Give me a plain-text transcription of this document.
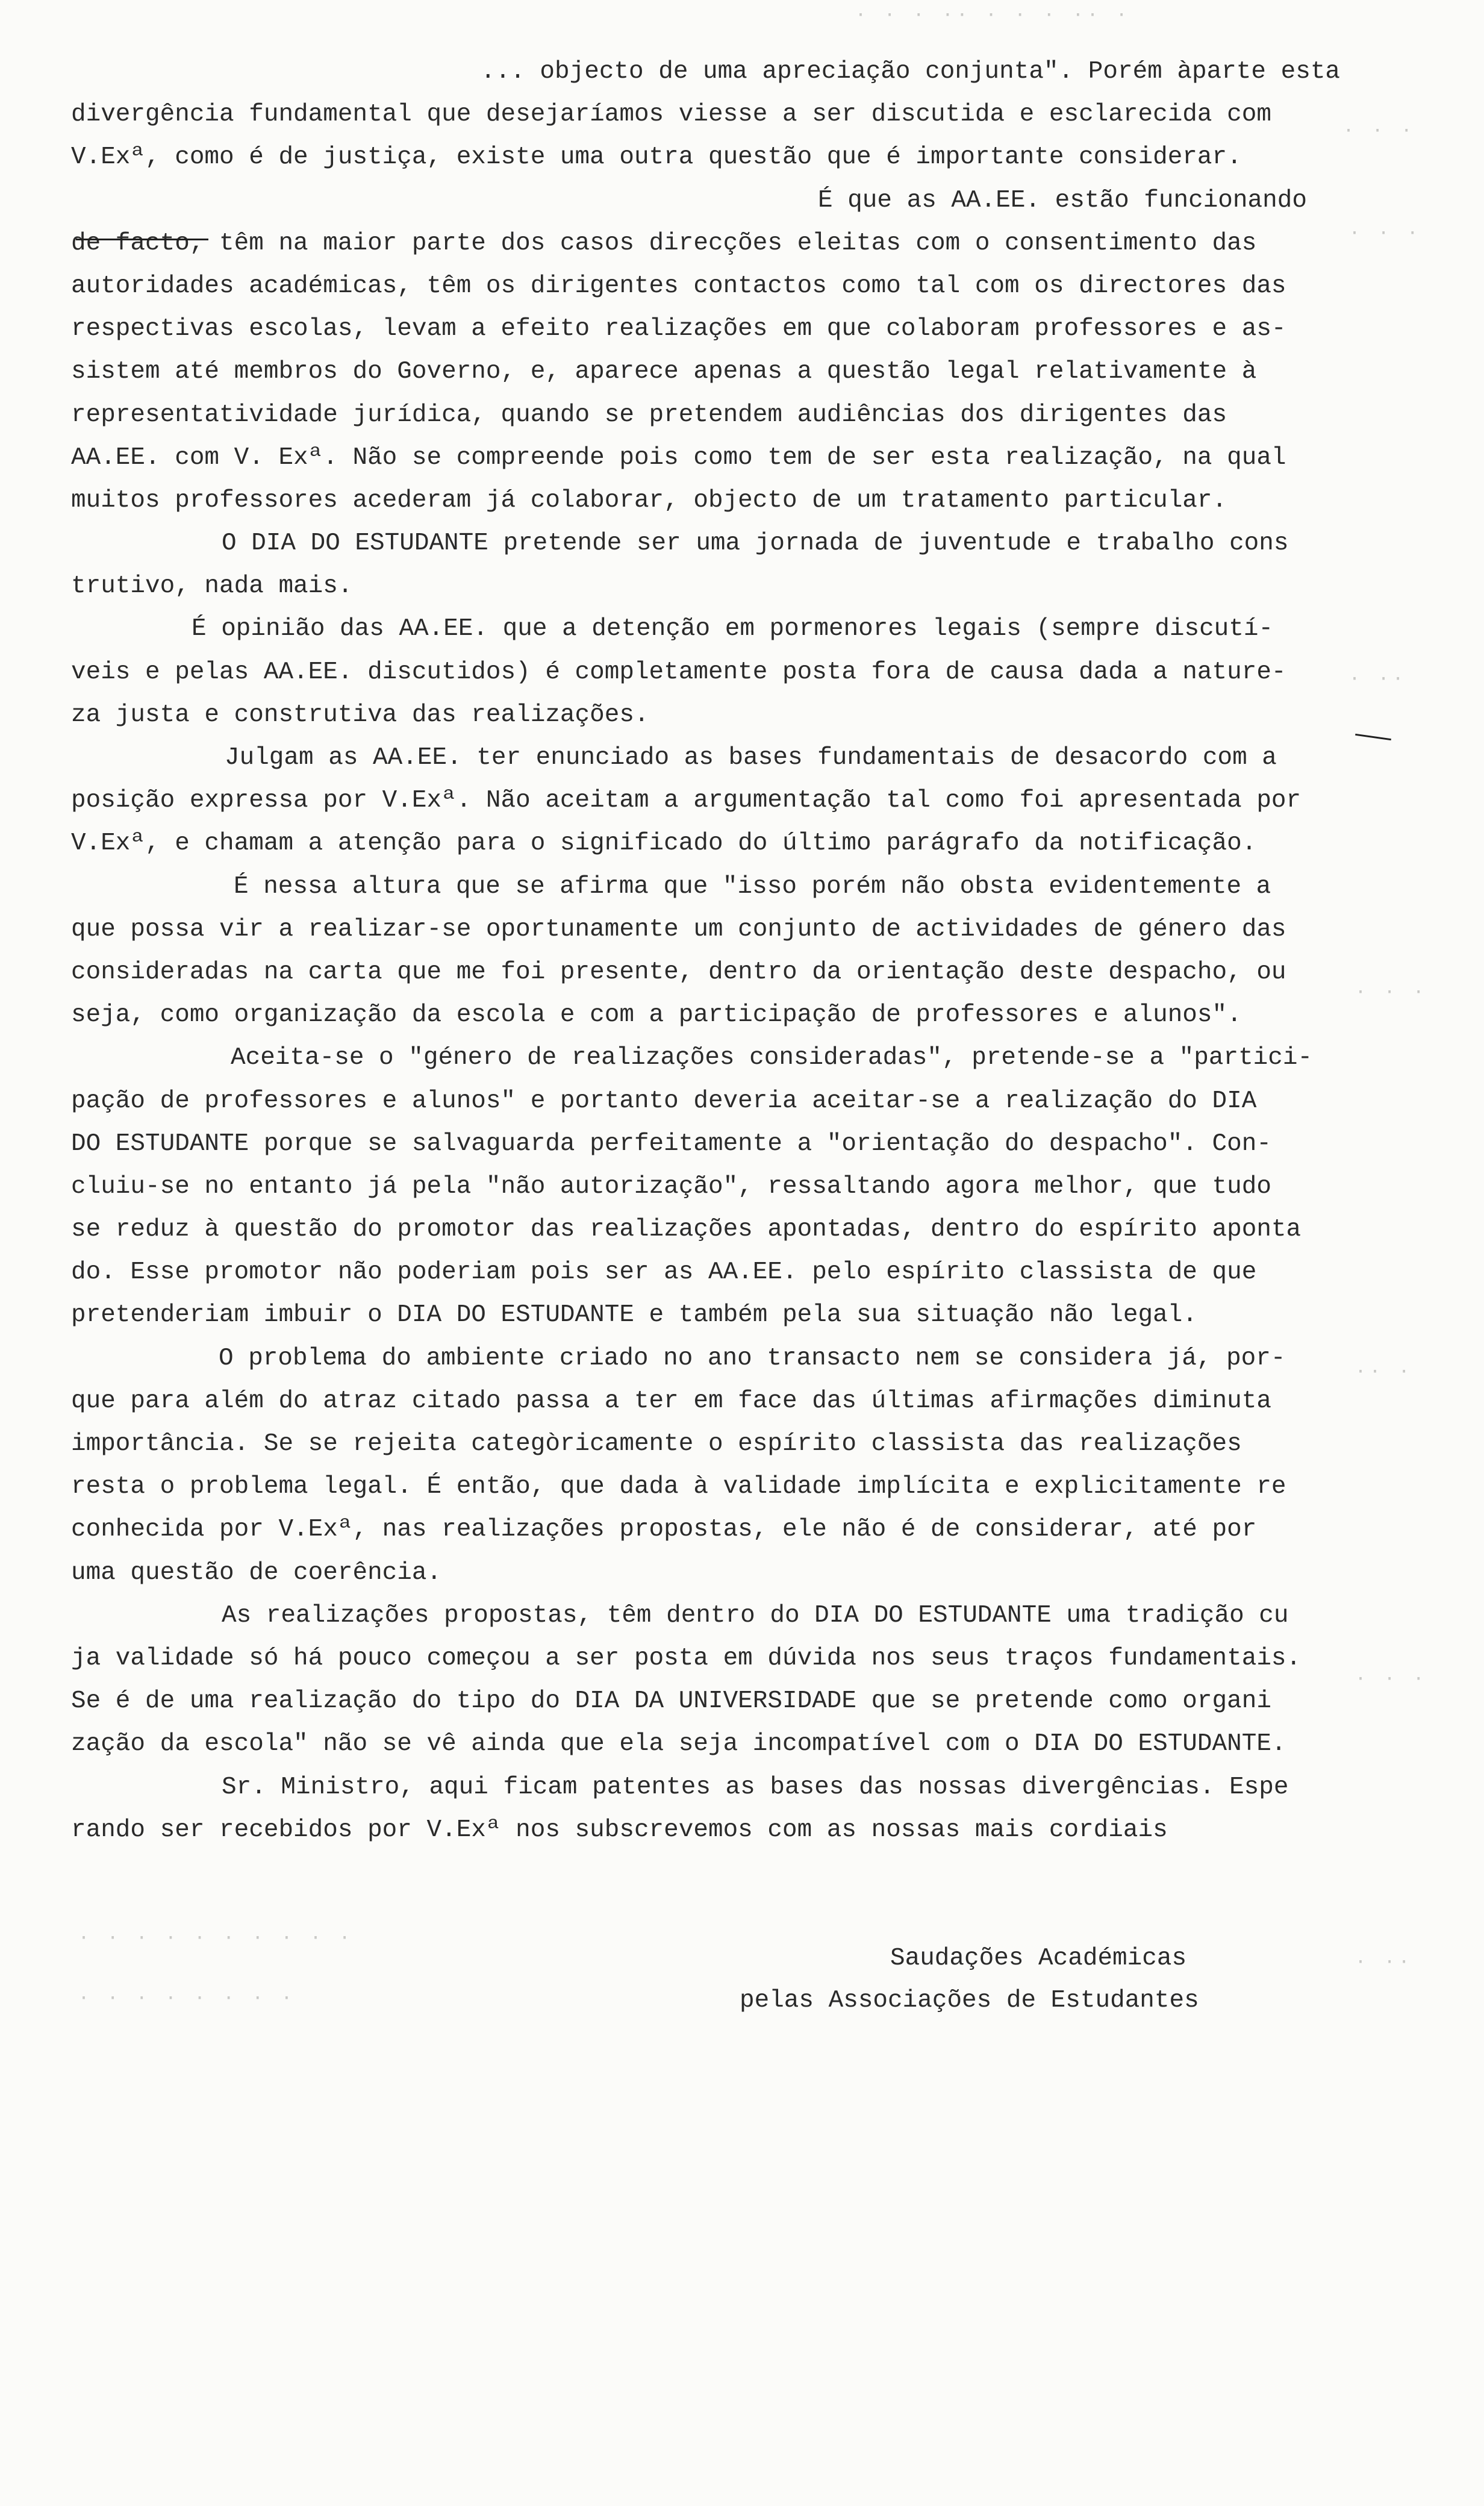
· · · ·· · · · ·· ·
· · ·
· · ·
· ··
· · ·
·· ·
· · ·
· ··
· · · · · · · · · ·
· · · · · · · ·
... objecto de uma apreciação conjunta". Porém àparte esta
divergência fundamental que desejaríamos viesse a ser discutida e esclarecida com
V.Exª, como é de justiça, existe uma outra questão que é importante considerar.
É que as AA.EE. estão funcionando
de facto, têm na maior parte dos casos direcções eleitas com o consentimento das
autoridades académicas, têm os dirigentes contactos como tal com os directores das
respectivas escolas, levam a efeito realizações em que colaboram professores e as-
sistem até membros do Governo, e, aparece apenas a questão legal relativamente à
representatividade jurídica, quando se pretendem audiências dos dirigentes das
AA.EE. com V. Exª. Não se compreende pois como tem de ser esta realização, na qual
muitos professores acederam já colaborar, objecto de um tratamento particular.
O DIA DO ESTUDANTE pretende ser uma jornada de juventude e trabalho cons
trutivo, nada mais.
É opinião das AA.EE. que a detenção em pormenores legais (sempre discutí-
veis e pelas AA.EE. discutidos) é completamente posta fora de causa dada a nature-
za justa e construtiva das realizações.
Julgam as AA.EE. ter enunciado as bases fundamentais de desacordo com a
posição expressa por V.Exª. Não aceitam a argumentação tal como foi apresentada por
V.Exª, e chamam a atenção para o significado do último parágrafo da notificação.
É nessa altura que se afirma que "isso porém não obsta evidentemente a
que possa vir a realizar-se oportunamente um conjunto de actividades de género das
consideradas na carta que me foi presente, dentro da orientação deste despacho, ou
seja, como organização da escola e com a participação de professores e alunos".
Aceita-se o "género de realizações consideradas", pretende-se a "partici-
pação de professores e alunos" e portanto deveria aceitar-se a realização do DIA
DO ESTUDANTE porque se salvaguarda perfeitamente a "orientação do despacho". Con-
cluiu-se no entanto já pela "não autorização", ressaltando agora melhor, que tudo
se reduz à questão do promotor das realizações apontadas, dentro do espírito aponta
do. Esse promotor não poderiam pois ser as AA.EE. pelo espírito classista de que
pretenderiam imbuir o DIA DO ESTUDANTE e também pela sua situação não legal.
O problema do ambiente criado no ano transacto nem se considera já, por-
que para além do atraz citado passa a ter em face das últimas afirmações diminuta
importância. Se se rejeita categòricamente o espírito classista das realizações
resta o problema legal. É então, que dada à validade implícita e explicitamente re
conhecida por V.Exª, nas realizações propostas, ele não é de considerar, até por
uma questão de coerência.
As realizações propostas, têm dentro do DIA DO ESTUDANTE uma tradição cu
ja validade só há pouco começou a ser posta em dúvida nos seus traços fundamentais.
Se é de uma realização do tipo do DIA DA UNIVERSIDADE que se pretende como organi
zação da escola" não se vê ainda que ela seja incompatível com o DIA DO ESTUDANTE.
Sr. Ministro, aqui ficam patentes as bases das nossas divergências. Espe
rando ser recebidos por V.Exª nos subscrevemos com as nossas mais cordiais
Saudações Académicas
pelas Associações de Estudantes
